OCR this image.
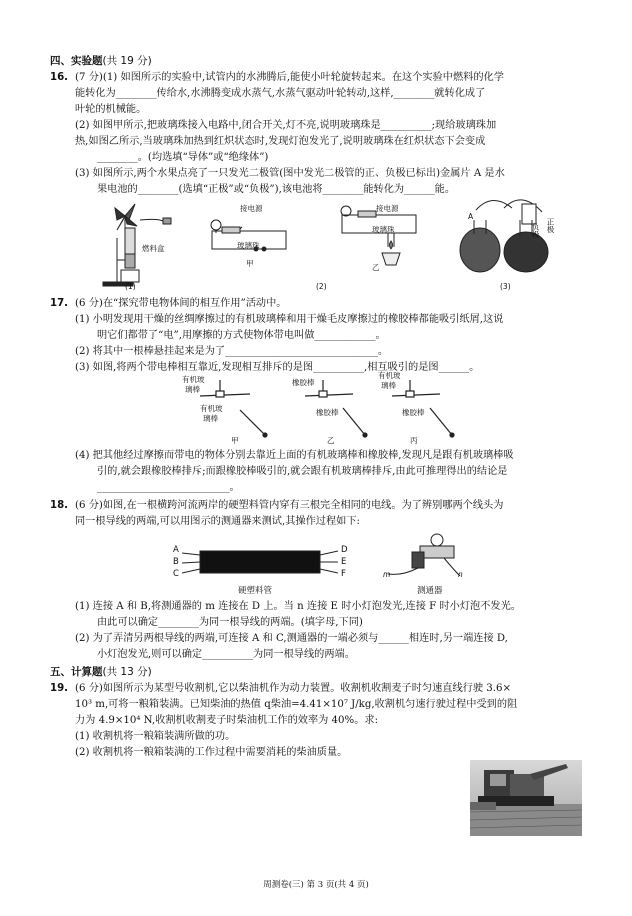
四、实验题(共 19 分)
16. (7 分)(1) 如图所示的实验中,试管内的水沸腾后,能使小叶轮旋转起来。在这个实验中燃料的化学
能转化为________传给水,水沸腾变成水蒸气,水蒸气驱动叶轮转动,这样,________就转化成了
叶轮的机械能。
(2) 如图甲所示,把玻璃珠接入电路中,闭合开关,灯不亮,说明玻璃珠是__________;现给玻璃珠加
热,如图乙所示,当玻璃珠加热到红炽状态时,发现灯泡发光了,说明玻璃珠在红炽状态下会变成
________。(均选填“导体”或“绝缘体”)
(3) 如图所示,两个水果点亮了一只发光二极管(图中发光二极管的正、负极已标出)金属片 A 是水
果电池的________(选填“正极”或“负极”),该电池将________能转化为______能。
燃料盒
(1)
接电源
玻璃珠
甲
(2)
接电源
玻璃珠
乙
负极 正极
A
(3)
17. (6 分)在“探究带电物体间的相互作用”活动中。
(1) 小明发现用干燥的丝绸摩擦过的有机玻璃棒和用干燥毛皮摩擦过的橡胶棒都能吸引纸屑,这说
明它们都带了“电”,用摩擦的方式使物体带电叫做____________。
(2) 将其中一根棒悬挂起来是为了______________________________。
(3) 如图,将两个带电棒相互靠近,发现相互排斥的是图__________,相互吸引的是图______。
有机玻
璃棒
有机玻
璃棒
甲
橡胶棒
橡胶棒
乙
有机玻
璃棒
橡胶棒
丙
(4) 把其他经过摩擦而带电的物体分别去靠近上面的有机玻璃棒和橡胶棒,发现凡是跟有机玻璃棒吸
引的,就会跟橡胶棒排斥;而跟橡胶棒吸引的,就会跟有机玻璃棒排斥,由此可推理得出的结论是
__________________________。
18. (6 分)如图,在一根横跨河流两岸的硬塑料管内穿有三根完全相同的电线。为了辨别哪两个线头为
同一根导线的两端,可以用图示的测通器来测试,其操作过程如下:
A
B
C
D
E
F
硬塑料管
m	n
测通器
(1) 连接 A 和 B,将测通器的 m 连接在 D 上。当 n 连接 E 时小灯泡发光,连接 F 时小灯泡不发光。
由此可以确定________为同一根导线的两端。(填字母,下同)
(2) 为了弄清另两根导线的两端,可连接 A 和 C,测通器的一端必须与______相连时,另一端连接 D,
小灯泡发光,则可以确定__________为同一根导线的两端。
五、计算题(共 13 分)
19. (6 分)如图所示为某型号收割机,它以柴油机作为动力装置。收割机收割麦子时匀速直线行驶 3.6×
10³ m,可将一粮箱装满。已知柴油的热值 q柴油=4.41×10⁷ J/kg,收割机匀速行驶过程中受到的阻
力为 4.9×10⁴ N,收割机收割麦子时柴油机工作的效率为 40%。求:
(1) 收割机将一粮箱装满所做的功。
(2) 收割机将一粮箱装满的工作过程中需要消耗的柴油质量。
周测卷(三) 第 3 页(共 4 页)
